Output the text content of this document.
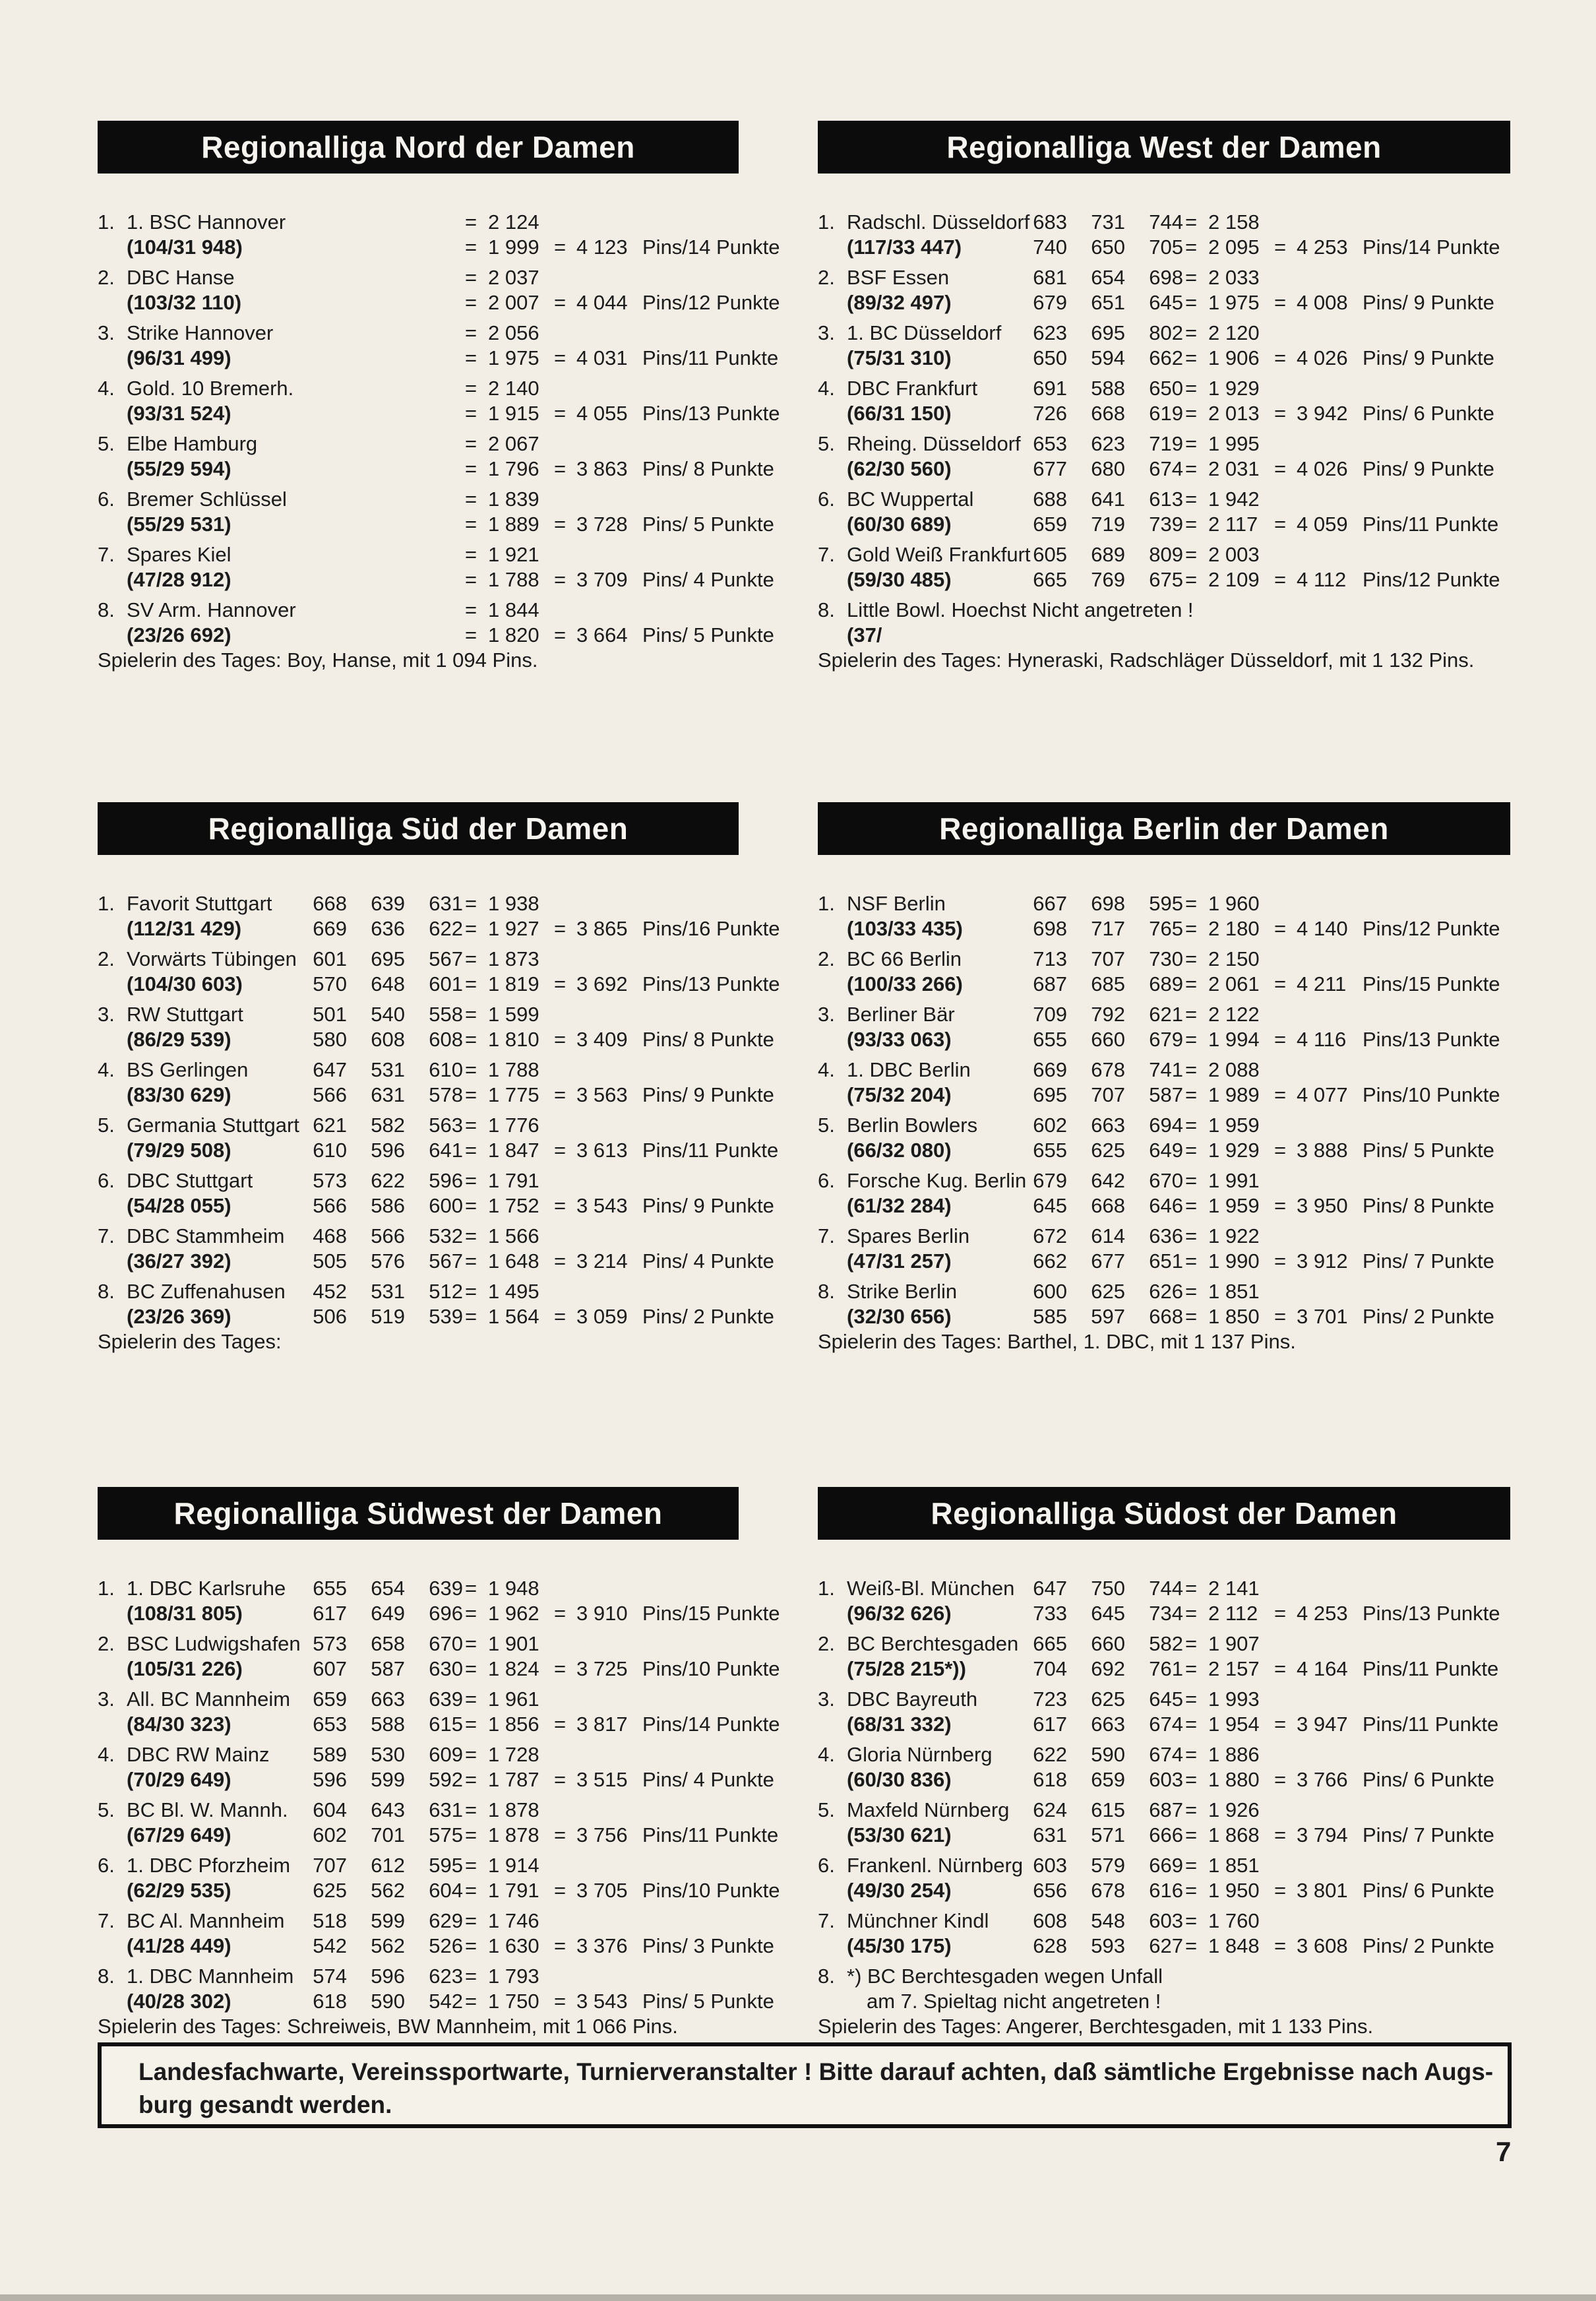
Regionalliga Nord der Damen
1. 1. BSC Hannover	= 2 124
(104/31 948)	= 1 999 = 4 123 Pins/14 Punkte
2. DBC Hanse	= 2 037
(103/32 110)	= 2 007 = 4 044 Pins/12 Punkte
3. Strike Hannover	= 2 056
(96/31 499)	= 1 975 = 4 031 Pins/11 Punkte
4. Gold. 10 Bremerh.	= 2 140
(93/31 524)	= 1 915 = 4 055 Pins/13 Punkte
5. Elbe Hamburg	= 2 067
(55/29 594)	= 1 796 = 3 863 Pins/ 8 Punkte
6. Bremer Schlüssel	= 1 839
(55/29 531)	= 1 889 = 3 728 Pins/ 5 Punkte
7. Spares Kiel	= 1 921
(47/28 912)	= 1 788 = 3 709 Pins/ 4 Punkte
8. SV Arm. Hannover	= 1 844
(23/26 692)	= 1 820 = 3 664 Pins/ 5 Punkte
Spielerin des Tages: Boy, Hanse, mit 1 094 Pins.
Regionalliga West der Damen
1. Radschl. Düsseldorf 683	731	744 = 2 158
(117/33 447)	740	650	705 = 2 095 = 4 253 Pins/14 Punkte
2. BSF Essen	681	654	698 = 2 033
(89/32 497)	679	651	645 = 1 975 = 4 008 Pins/ 9 Punkte
3. 1. BC Düsseldorf	623	695	802 = 2 120
(75/31 310)	650	594	662 = 1 906 = 4 026 Pins/ 9 Punkte
4. DBC Frankfurt	691	588	650 = 1 929
(66/31 150)	726	668	619 = 2 013 = 3 942 Pins/ 6 Punkte
5. Rheing. Düsseldorf 653	623	719 = 1 995
(62/30 560)	677	680	674 = 2 031 = 4 026 Pins/ 9 Punkte
6. BC Wuppertal	688	641	613 = 1 942
(60/30 689)	659	719	739 = 2 117 = 4 059 Pins/11 Punkte
7. Gold Weiß Frankfurt 605	689	809 = 2 003
(59/30 485)	665	769	675 = 2 109 = 4 112 Pins/12 Punkte
8. Little Bowl. Hoechst Nicht angetreten !
(37/
Spielerin des Tages: Hyneraski, Radschläger Düsseldorf, mit 1 132 Pins.
Regionalliga Süd der Damen
1. Favorit Stuttgart	668	639	631 = 1 938
(112/31 429)	669	636	622 = 1 927 = 3 865 Pins/16 Punkte
2. Vorwärts Tübingen 601	695	567 = 1 873
(104/30 603)	570	648	601 = 1 819 = 3 692 Pins/13 Punkte
3. RW Stuttgart	501	540	558 = 1 599
(86/29 539)	580	608	608 = 1 810 = 3 409 Pins/ 8 Punkte
4. BS Gerlingen	647	531	610 = 1 788
(83/30 629)	566	631	578 = 1 775 = 3 563 Pins/ 9 Punkte
5. Germania Stuttgart 621	582	563 = 1 776
(79/29 508)	610	596	641 = 1 847 = 3 613 Pins/11 Punkte
6. DBC Stuttgart	573	622	596 = 1 791
(54/28 055)	566	586	600 = 1 752 = 3 543 Pins/ 9 Punkte
7. DBC Stammheim	468	566	532 = 1 566
(36/27 392)	505	576	567 = 1 648 = 3 214 Pins/ 4 Punkte
8. BC Zuffenahusen	452	531	512 = 1 495
(23/26 369)	506	519	539 = 1 564 = 3 059 Pins/ 2 Punkte
Spielerin des Tages:
Regionalliga Berlin der Damen
1. NSF Berlin	667	698	595 = 1 960
(103/33 435)	698	717	765 = 2 180 = 4 140 Pins/12 Punkte
2. BC 66 Berlin	713	707	730 = 2 150
(100/33 266)	687	685	689 = 2 061 = 4 211 Pins/15 Punkte
3. Berliner Bär	709	792	621 = 2 122
(93/33 063)	655	660	679 = 1 994 = 4 116 Pins/13 Punkte
4. 1. DBC Berlin	669	678	741 = 2 088
(75/32 204)	695	707	587 = 1 989 = 4 077 Pins/10 Punkte
5. Berlin Bowlers	602	663	694 = 1 959
(66/32 080)	655	625	649 = 1 929 = 3 888 Pins/ 5 Punkte
6. Forsche Kug. Berlin 679	642	670 = 1 991
(61/32 284)	645	668	646 = 1 959 = 3 950 Pins/ 8 Punkte
7. Spares Berlin	672	614	636 = 1 922
(47/31 257)	662	677	651 = 1 990 = 3 912 Pins/ 7 Punkte
8. Strike Berlin	600	625	626 = 1 851
(32/30 656)	585	597	668 = 1 850 = 3 701 Pins/ 2 Punkte
Spielerin des Tages: Barthel, 1. DBC, mit 1 137 Pins.
Regionalliga Südwest der Damen
1. 1. DBC Karlsruhe	655	654	639 = 1 948
(108/31 805)	617	649	696 = 1 962 = 3 910 Pins/15 Punkte
2. BSC Ludwigshafen 573	658	670 = 1 901
(105/31 226)	607	587	630 = 1 824 = 3 725 Pins/10 Punkte
3. All. BC Mannheim	659	663	639 = 1 961
(84/30 323)	653	588	615 = 1 856 = 3 817 Pins/14 Punkte
4. DBC RW Mainz	589	530	609 = 1 728
(70/29 649)	596	599	592 = 1 787 = 3 515 Pins/ 4 Punkte
5. BC Bl. W. Mannh.	604	643	631 = 1 878
(67/29 649)	602	701	575 = 1 878 = 3 756 Pins/11 Punkte
6. 1. DBC Pforzheim	707	612	595 = 1 914
(62/29 535)	625	562	604 = 1 791 = 3 705 Pins/10 Punkte
7. BC Al. Mannheim	518	599	629 = 1 746
(41/28 449)	542	562	526 = 1 630 = 3 376 Pins/ 3 Punkte
8. 1. DBC Mannheim 574	596	623 = 1 793
(40/28 302)	618	590	542 = 1 750 = 3 543 Pins/ 5 Punkte
Spielerin des Tages: Schreiweis, BW Mannheim, mit 1 066 Pins.
Regionalliga Südost der Damen
1. Weiß-Bl. München 647	750	744 = 2 141
(96/32 626)	733	645	734 = 2 112 = 4 253 Pins/13 Punkte
2. BC Berchtesgaden 665	660	582 = 1 907
(75/28 215*))	704	692	761 = 2 157 = 4 164 Pins/11 Punkte
3. DBC Bayreuth	723	625	645 = 1 993
(68/31 332)	617	663	674 = 1 954 = 3 947 Pins/11 Punkte
4. Gloria Nürnberg	622	590	674 = 1 886
(60/30 836)	618	659	603 = 1 880 = 3 766 Pins/ 6 Punkte
5. Maxfeld Nürnberg	624	615	687 = 1 926
(53/30 621)	631	571	666 = 1 868 = 3 794 Pins/ 7 Punkte
6. Frankenl. Nürnberg 603	579	669 = 1 851
(49/30 254)	656	678	616 = 1 950 = 3 801 Pins/ 6 Punkte
7. Münchner Kindl	608	548	603 = 1 760
(45/30 175)	628	593	627 = 1 848 = 3 608 Pins/ 2 Punkte
8. *) BC Berchtesgaden wegen Unfall
am 7. Spieltag nicht angetreten !
Spielerin des Tages: Angerer, Berchtesgaden, mit 1 133 Pins.
Landesfachwarte, Vereinssportwarte, Turnierveranstalter ! Bitte darauf achten, daß sämtliche Ergebnisse nach Augs-
burg gesandt werden.
7
